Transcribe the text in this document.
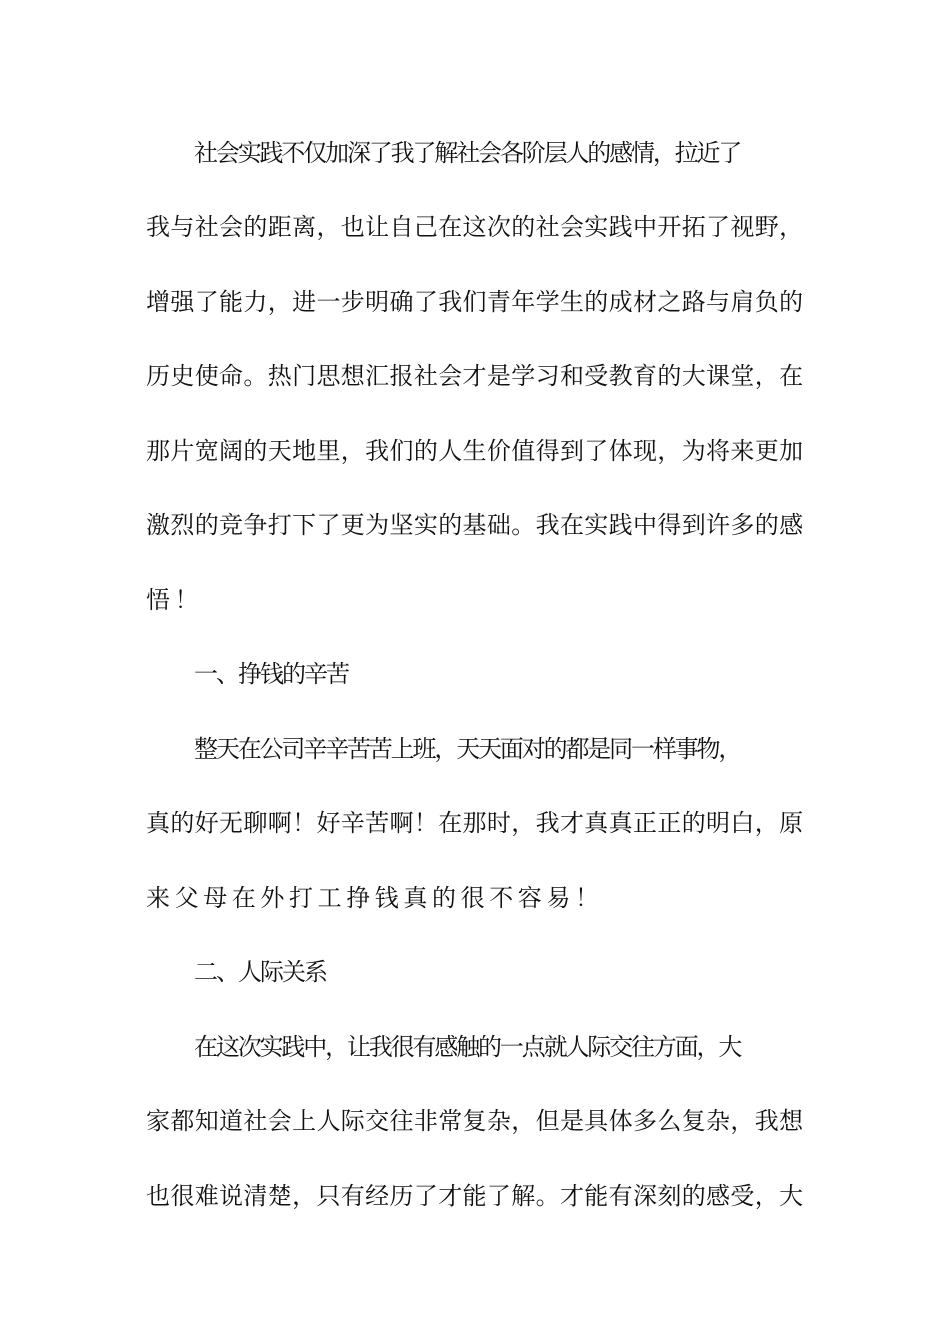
社会实践不仅加深了我了解社会各阶层人的感情，拉近了
我与社会的距离，也让自己在这次的社会实践中开拓了视野，
增强了能力，进一步明确了我们青年学生的成材之路与肩负的
历史使命。热门思想汇报社会才是学习和受教育的大课堂，在
那片宽阔的天地里，我们的人生价值得到了体现，为将来更加
激烈的竞争打下了更为坚实的基础。我在实践中得到许多的感
悟！
一、挣钱的辛苦
整天在公司辛辛苦苦上班，天天面对的都是同一样事物，
真的好无聊啊！好辛苦啊！在那时，我才真真正正的明白，原
来父母在外打工挣钱真的很不容易！
二、人际关系
在这次实践中，让我很有感触的一点就人际交往方面，大
家都知道社会上人际交往非常复杂，但是具体多么复杂，我想
也很难说清楚，只有经历了才能了解。才能有深刻的感受，大
